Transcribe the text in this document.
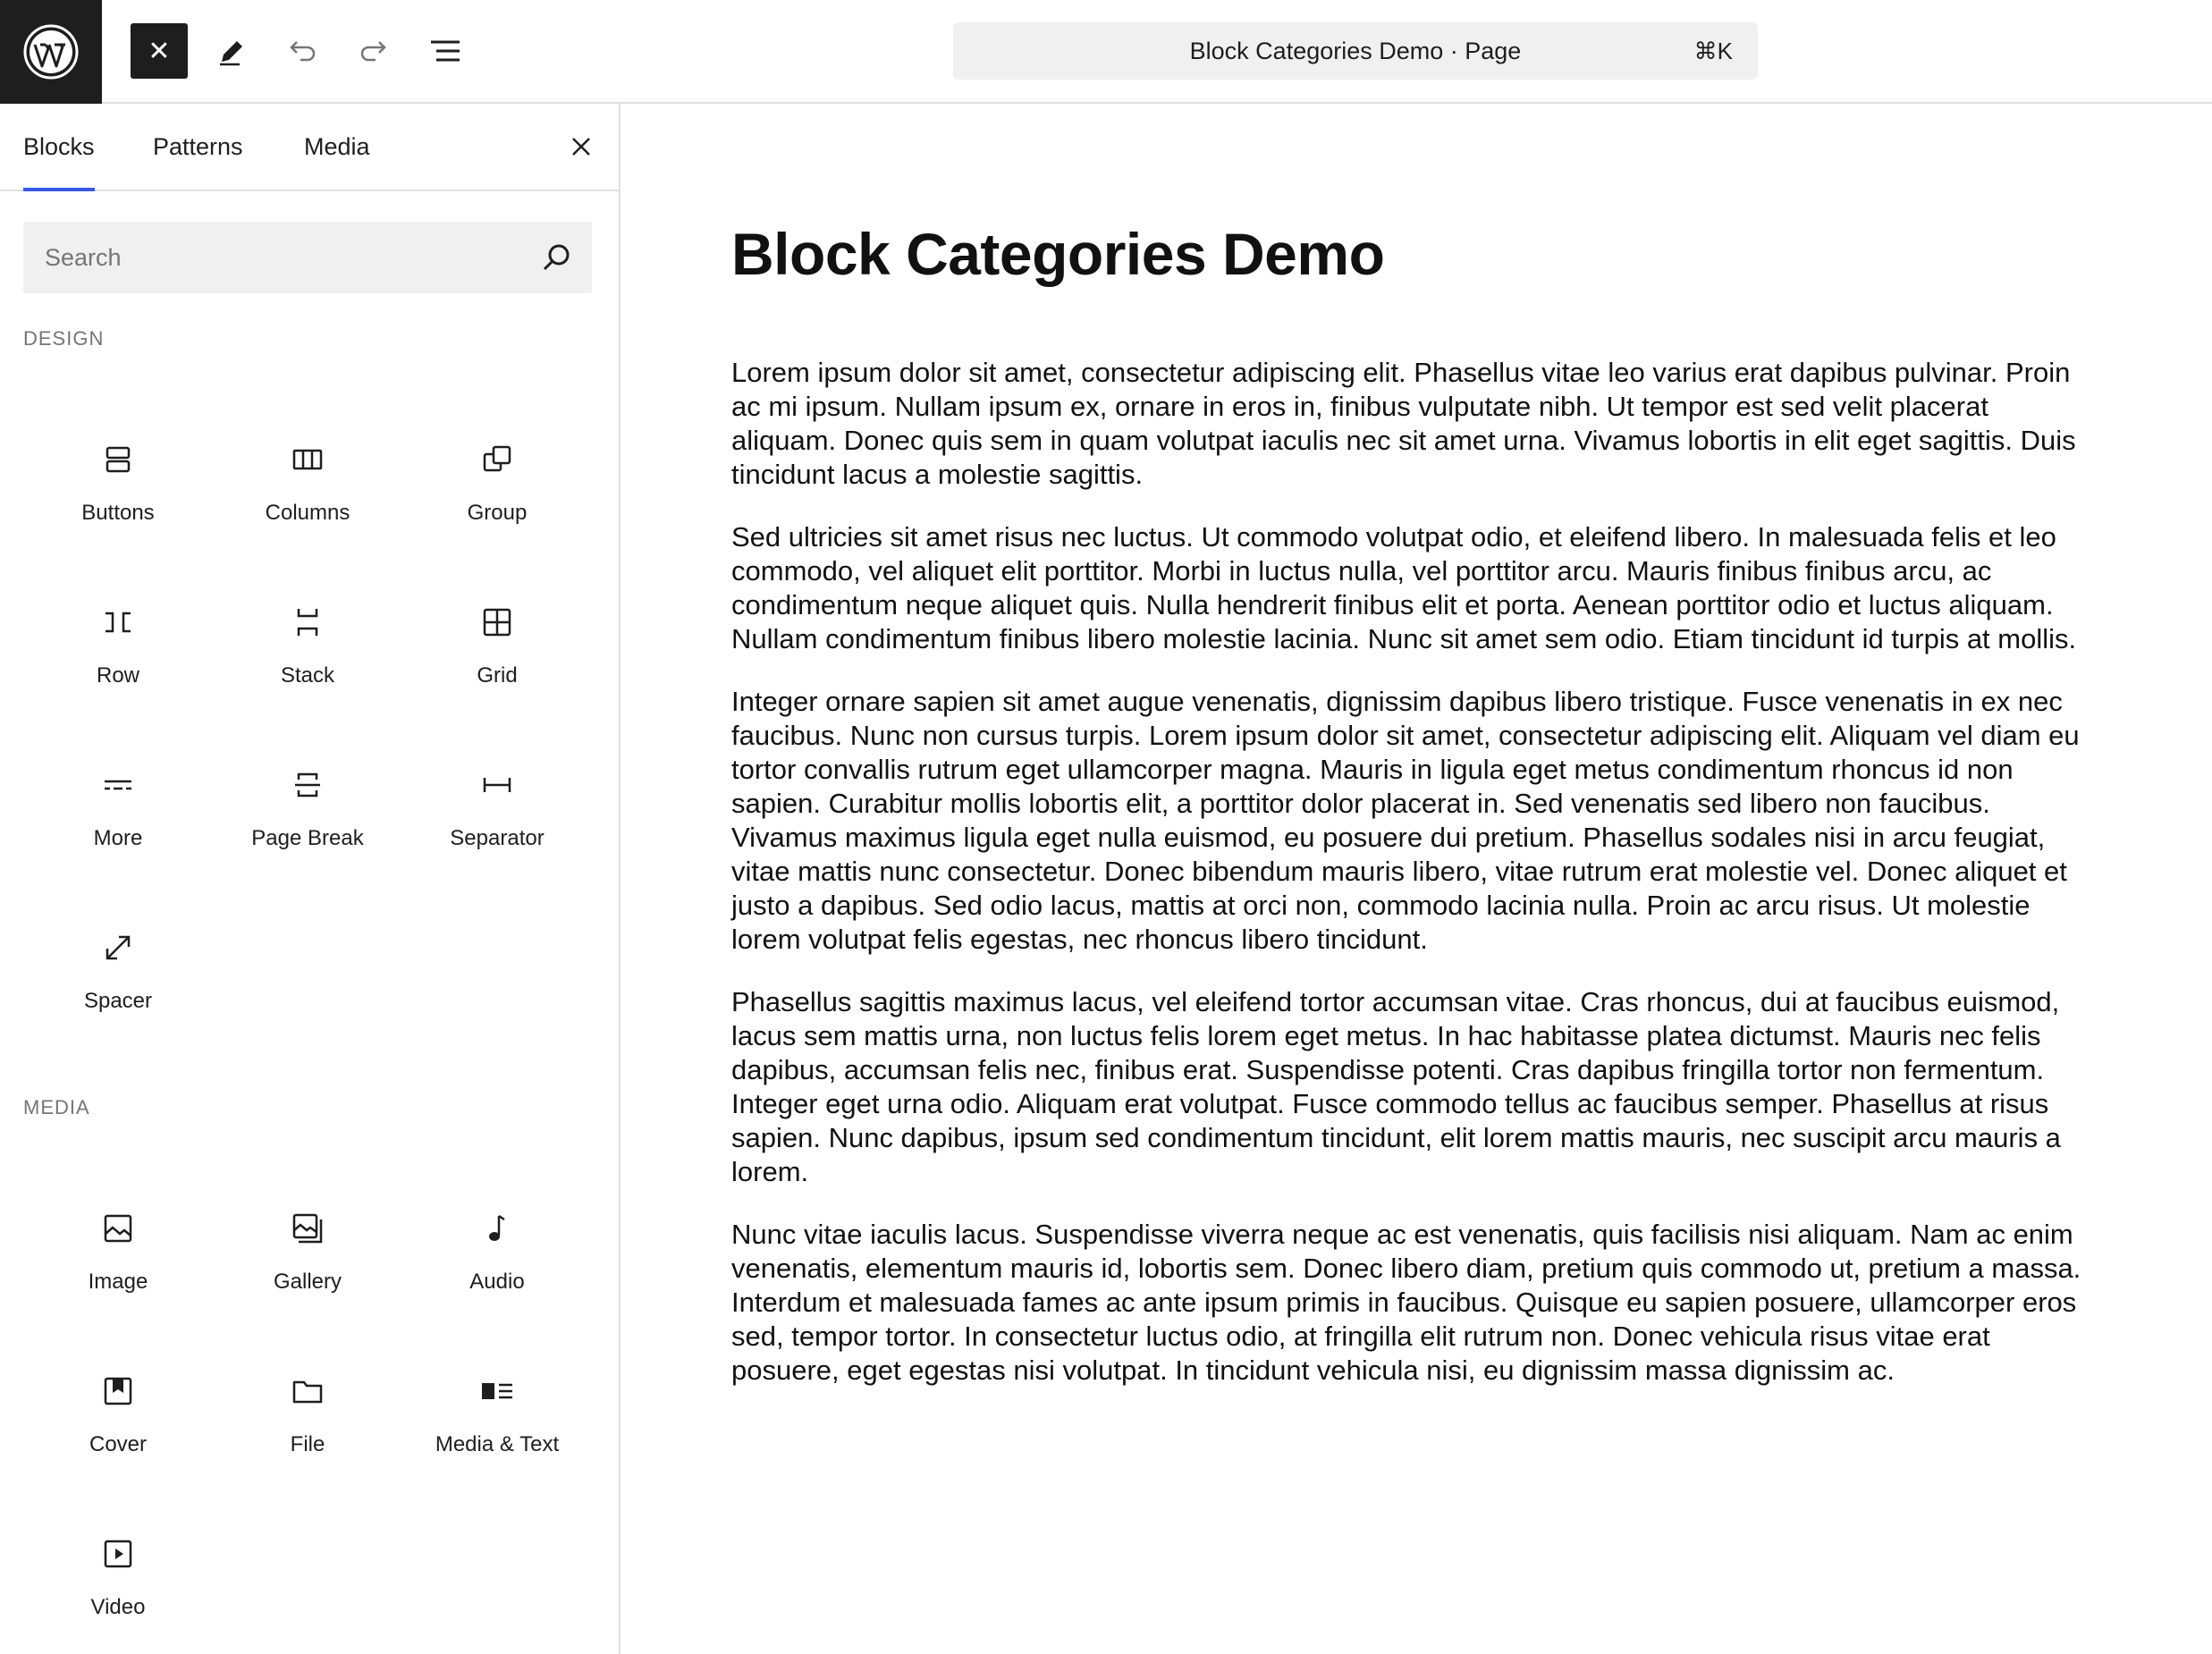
✕	Block Categories Demo · Page	⌘K
Blocks Patterns	Media
Search
DESIGN
Buttons	Columns	Group
Row	Stack	Grid
More	Page Break	Separator
Spacer
MEDIA
Image	Gallery	Audio
Cover	File	Media & Text
Video
Block Categories Demo

Lorem ipsum dolor sit amet, consectetur adipiscing elit. Phasellus vitae leo varius erat dapibus pulvinar. Proin ac mi ipsum. Nullam ipsum ex, ornare in eros in, finibus vulputate nibh. Ut tempor est sed velit placerat aliquam. Donec quis sem in quam volutpat iaculis nec sit amet urna. Vivamus lobortis in elit eget sagittis. Duis tincidunt lacus a molestie sagittis.

Sed ultricies sit amet risus nec luctus. Ut commodo volutpat odio, et eleifend libero. In malesuada felis et leo commodo, vel aliquet elit porttitor. Morbi in luctus nulla, vel porttitor arcu. Mauris finibus finibus arcu, ac condimentum neque aliquet quis. Nulla hendrerit finibus elit et porta. Aenean porttitor odio et luctus aliquam. Nullam condimentum finibus libero molestie lacinia. Nunc sit amet sem odio. Etiam tincidunt id turpis at mollis.

Integer ornare sapien sit amet augue venenatis, dignissim dapibus libero tristique. Fusce venenatis in ex nec faucibus. Nunc non cursus turpis. Lorem ipsum dolor sit amet, consectetur adipiscing elit. Aliquam vel diam eu tortor convallis rutrum eget ullamcorper magna. Mauris in ligula eget metus condimentum rhoncus id non sapien. Curabitur mollis lobortis elit, a porttitor dolor placerat in. Sed venenatis sed libero non faucibus. Vivamus maximus ligula eget nulla euismod, eu posuere dui pretium. Phasellus sodales nisi in arcu feugiat, vitae mattis nunc consectetur. Donec bibendum mauris libero, vitae rutrum erat molestie vel. Donec aliquet et justo a dapibus. Sed odio lacus, mattis at orci non, commodo lacinia nulla. Proin ac arcu risus. Ut molestie lorem volutpat felis egestas, nec rhoncus libero tincidunt.

Phasellus sagittis maximus lacus, vel eleifend tortor accumsan vitae. Cras rhoncus, dui at faucibus euismod, lacus sem mattis urna, non luctus felis lorem eget metus. In hac habitasse platea dictumst. Mauris nec felis dapibus, accumsan felis nec, finibus erat. Suspendisse potenti. Cras dapibus fringilla tortor non fermentum. Integer eget urna odio. Aliquam erat volutpat. Fusce commodo tellus ac faucibus semper. Phasellus at risus sapien. Nunc dapibus, ipsum sed condimentum tincidunt, elit lorem mattis mauris, nec suscipit arcu mauris a lorem.

Nunc vitae iaculis lacus. Suspendisse viverra neque ac est venenatis, quis facilisis nisi aliquam. Nam ac enim venenatis, elementum mauris id, lobortis sem. Donec libero diam, pretium quis commodo ut, pretium a massa. Interdum et malesuada fames ac ante ipsum primis in faucibus. Quisque eu sapien posuere, ullamcorper eros sed, tempor tortor. In consectetur luctus odio, at fringilla elit rutrum non. Donec vehicula risus vitae erat posuere, eget egestas nisi volutpat. In tincidunt vehicula nisi, eu dignissim massa dignissim ac.
